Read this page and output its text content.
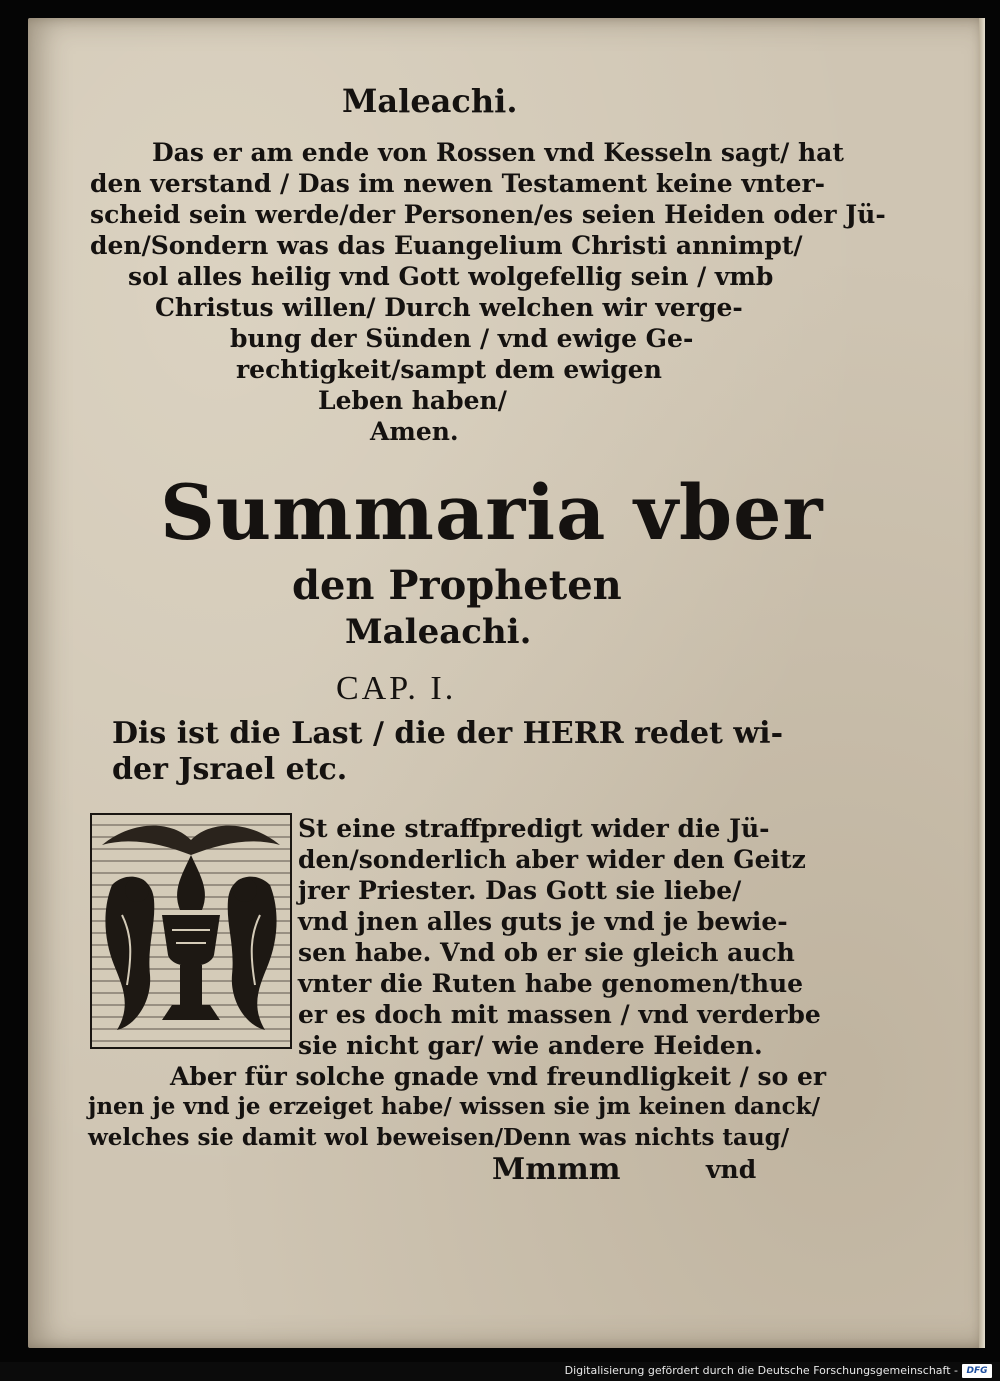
Maleachi.
Das er am ende von Rossen vnd Kesseln sagt/ hat
den verstand / Das im newen Testament keine vnter-
scheid sein werde/der Personen/es seien Heiden oder Jü-
den/Sondern was das Euangelium Christi annimpt/
sol alles heilig vnd Gott wolgefellig sein / vmb
Christus willen/ Durch welchen wir verge-
bung der Sünden / vnd ewige Ge-
rechtigkeit/sampt dem ewigen
Leben haben/
Amen.
Summaria vber
den Propheten
Maleachi.
CAP. I.
Dis ist die Last / die der HERR redet wi-
der Jsrael etc.
St eine straffpredigt wider die Jü-
den/sonderlich aber wider den Geitz
jrer Priester. Das Gott sie liebe/
vnd jnen alles guts je vnd je bewie-
sen habe. Vnd ob er sie gleich auch
vnter die Ruten habe genomen/thue
er es doch mit massen / vnd verderbe
sie nicht gar/ wie andere Heiden.
Aber für solche gnade vnd freundligkeit / so er
jnen je vnd je erzeiget habe/ wissen sie jm keinen danck/
welches sie damit wol beweisen/Denn was nichts taug/
Mmmm	vnd
Digitalisierung gefördert durch die Deutsche Forschungsgemeinschaft - DFG
